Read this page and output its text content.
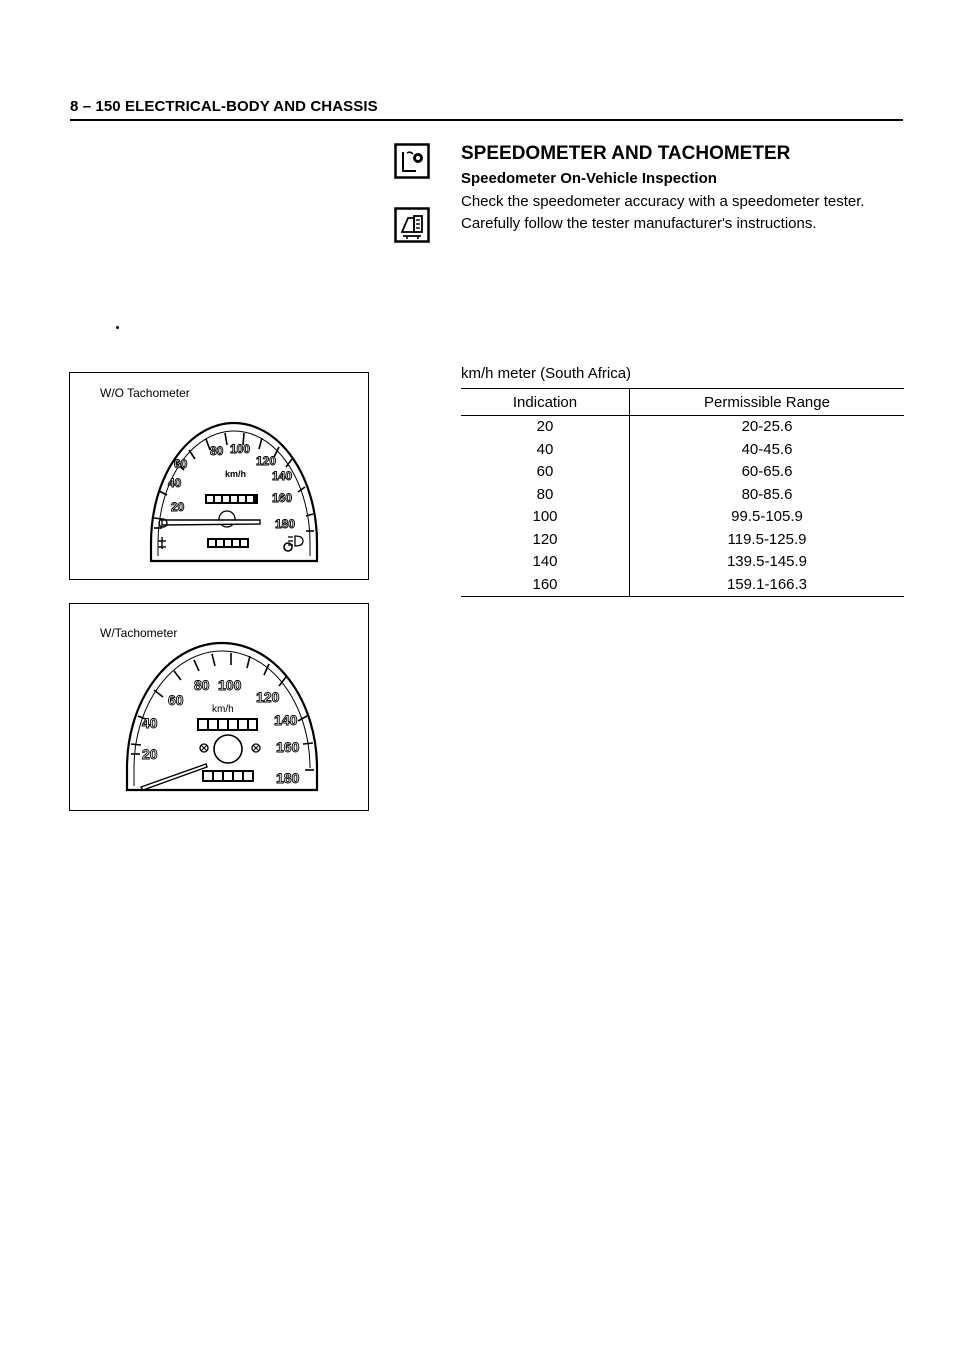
8 – 150 ELECTRICAL-BODY AND CHASSIS
SPEEDOMETER AND TACHOMETER
Speedometer On-Vehicle Inspection
Check the speedometer accuracy with a speedometer tester.
Carefully follow the tester manufacturer's instructions.
W/O Tachometer
20
40
60
80 100
120
140
160
180
km/h
W/Tachometer
20
40
60
80 100
120
140
160
180
km/h
km/h meter (South Africa)
Indication	Permissible Range
20	20-25.6
40	40-45.6
60	60-65.6
80	80-85.6
100	99.5-105.9
120	119.5-125.9
140	139.5-145.9
160	159.1-166.3
